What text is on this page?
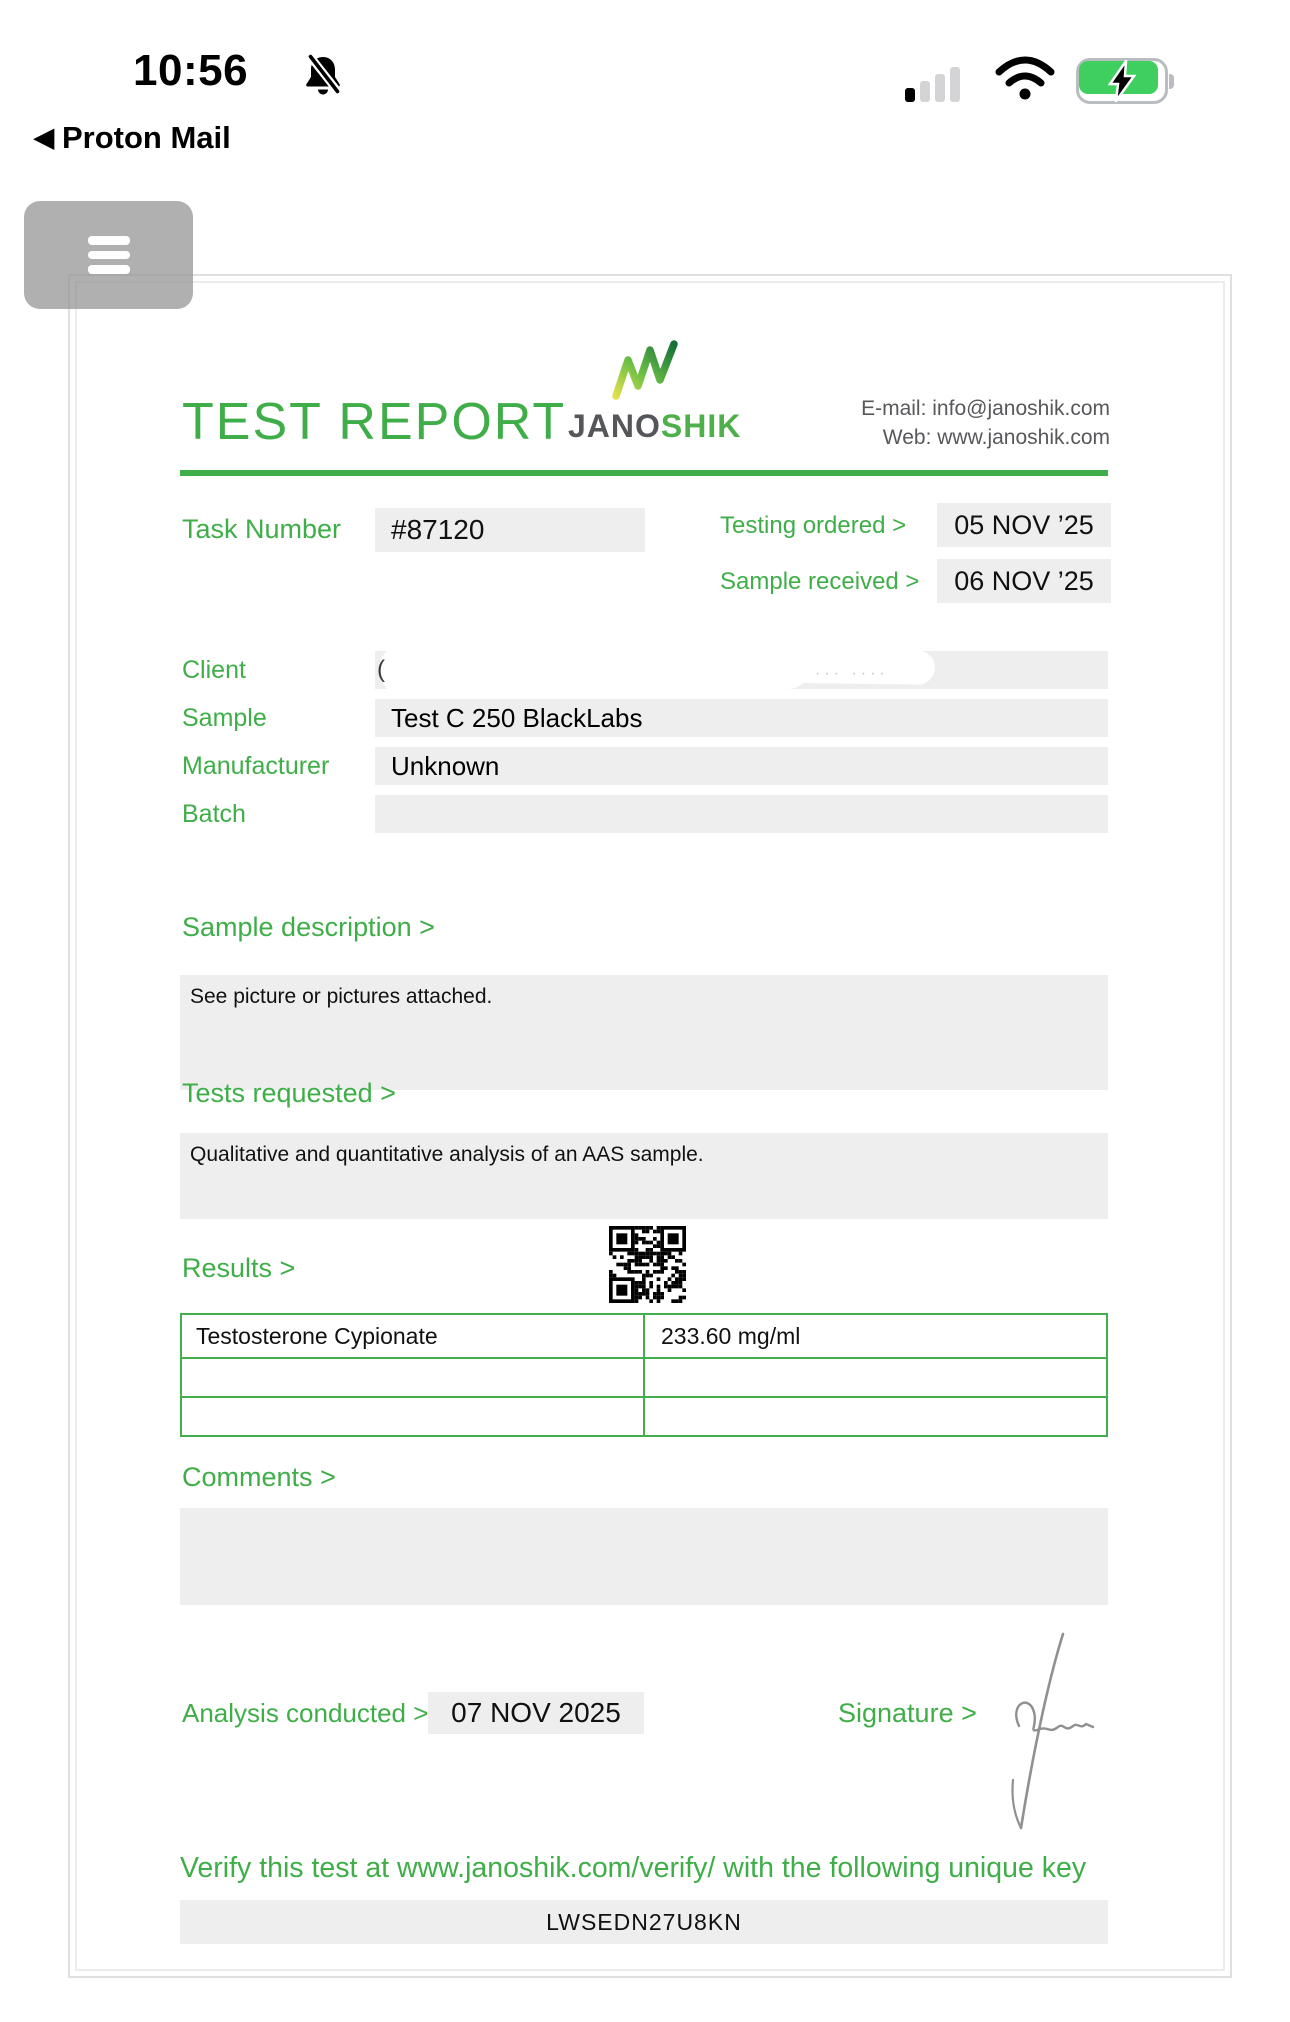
10:56
◀ Proton Mail
TEST REPORT JANOSHIK	E-mail: info@janoshik.com
Web: www.janoshik.com
Task Number	#87120	Testing ordered >	05 NOV ’25
Sample received >	06 NOV ’25
Client	(	··· ····
Sample	Test C 250 BlackLabs
Manufacturer	Unknown
Batch
Sample description >
See picture or pictures attached.
Tests requested >
Qualitative and quantitative analysis of an AAS sample.
Results >
Testosterone Cypionate	233.60 mg/ml
Comments >
Analysis conducted > 07 NOV 2025	Signature >
Verify this test at www.janoshik.com/verify/ with the following unique key
LWSEDN27U8KN
